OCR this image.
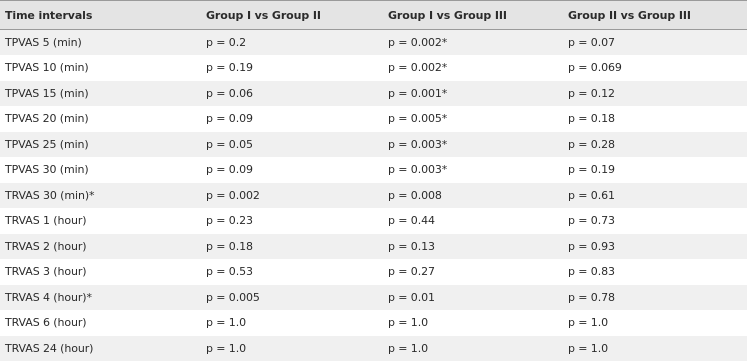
Time intervals	Group I vs Group II	Group I vs Group III	Group II vs Group III
TPVAS 5 (min)	p = 0.2	p = 0.002*	p = 0.07
TPVAS 10 (min)	p = 0.19	p = 0.002*	p = 0.069
TPVAS 15 (min)	p = 0.06	p = 0.001*	p = 0.12
TPVAS 20 (min)	p = 0.09	p = 0.005*	p = 0.18
TPVAS 25 (min)	p = 0.05	p = 0.003*	p = 0.28
TPVAS 30 (min)	p = 0.09	p = 0.003*	p = 0.19
TRVAS 30 (min)*	p = 0.002	p = 0.008	p = 0.61
TRVAS 1 (hour)	p = 0.23	p = 0.44	p = 0.73
TRVAS 2 (hour)	p = 0.18	p = 0.13	p = 0.93
TRVAS 3 (hour)	p = 0.53	p = 0.27	p = 0.83
TRVAS 4 (hour)*	p = 0.005	p = 0.01	p = 0.78
TRVAS 6 (hour)	p = 1.0	p = 1.0	p = 1.0
TRVAS 24 (hour)	p = 1.0	p = 1.0	p = 1.0
